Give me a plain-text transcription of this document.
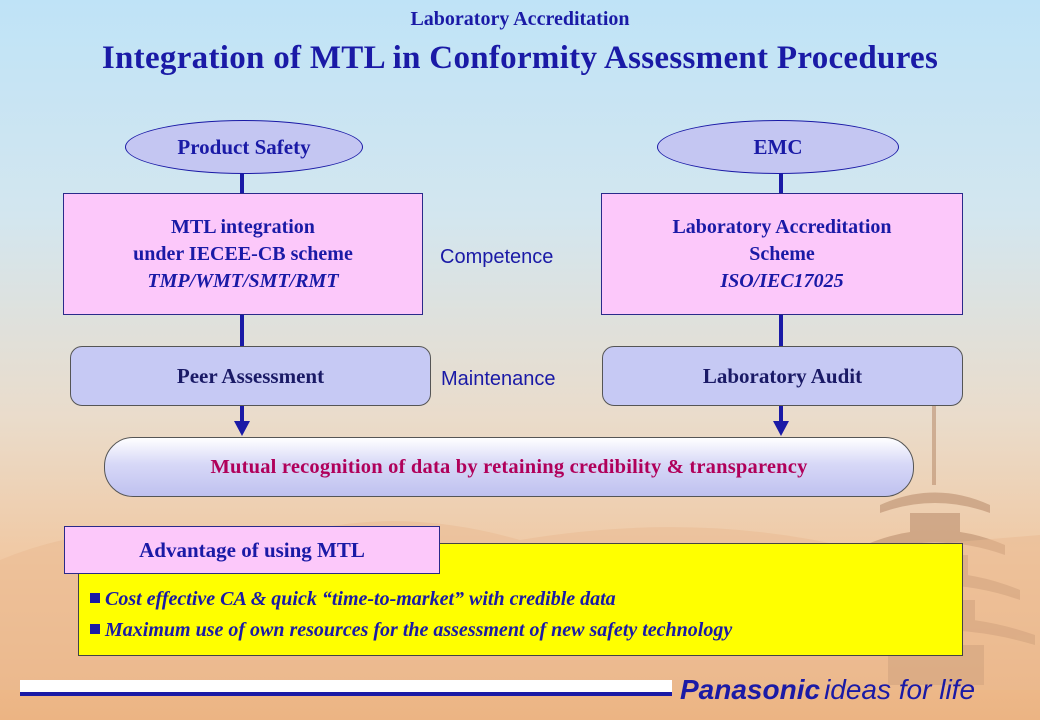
Laboratory Accreditation
Integration of MTL in Conformity Assessment Procedures
Product Safety
MTL integration
under IECEE-CB scheme
TMP/WMT/SMT/RMT
Peer Assessment
EMC
Laboratory Accreditation
Scheme
ISO/IEC17025
Laboratory Audit
Competence
Maintenance
Mutual recognition of data by retaining credibility & transparency
Advantage of using MTL
Cost effective CA & quick “time-to-market” with credible data
Maximum use of own resources for the assessment of new safety technology
Panasonic ideas for life
